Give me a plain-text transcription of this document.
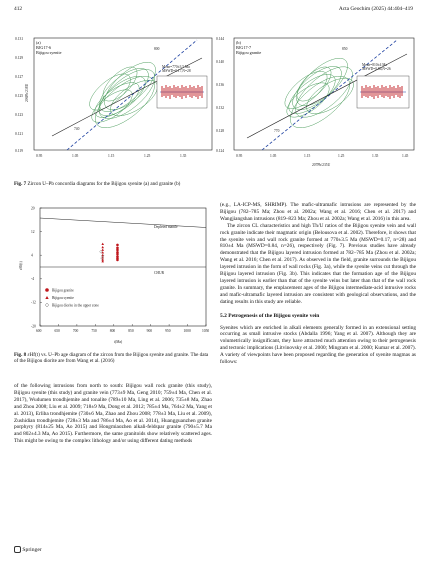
412	Acta Geochim (2025) 44:404–419
(a)
BJG17-6
Bijigou syenite
Mean=770±3.5 Ma
MSWD=0.17,N=28
800
740
0.131
0.129
0.127
0.125
0.123
0.121
0.119
0.95	1.05	1.15	1.25	1.35
206Pb/238U
(b)
BJG17-7
Bijigou granite
Mean=810±4 Ma
MSWD=0.84,N=26
850
770
0.144
0.140
0.136
0.132
0.128
0.124
0.95	1.05	1.15	1.25	1.35	1.45
207Pb/235U
Fig. 7 Zircon U–Pb concordia diagrams for the Bijigou syenite (a) and granite (b)
εHf(t)
t(Ma)
Depleted mantle
CHUR
Bijigou granite
Bijigou syenite
Bijigou diorite in the upper zone
600	650	700	750	800	850	900	950	1000	1050
20
12
4
-4
-12
-20
Fig. 8 εHf(t) vs. U–Pb age diagram of the zircon from the Bijigou syenite and granite. The data of the Bijigou diorite are from Wang et al. (2016)
of the following intrusions from north to south: Bijigou wall rock granite (this study), Bijigou syenite (this study) and granite vein (773±9 Ma, Geng 2010; 759±4 Ma, Chen et al. 2017), Wudumen trondhjemite and tonalite (789±10 Ma, Ling et al. 2006; 735±8 Ma, Zhao and Zhou 2008; Liu et al. 2009; 718±9 Ma, Dong et al. 2012; 785±4 Ma, 764±2 Ma, Yang et al. 2013), Erliba trondhjemite (730±6 Ma, Zhao and Zhou 2008; 778±3 Ma, Liu et al. 2009), Zushidian trondhjemite (728±3 Ma and 786±4 Ma, Ao et al. 2014), Huangguanzhen granite porphyry (814±25 Ma, Ao 2015) and Hongmiaozhen alkali-feldspar granite (790±5.7 Ma and 802±4.3 Ma, Ao 2015). Furthermore, the same granitoids show relatively scattered ages. This might be owing to the complex lithology and/or using different dating methods

(e.g., LA-ICP-MS, SHRIMP). The mafic-ultramafic intrusions are represented by the Bijigou (782–785 Ma; Zhou et al. 2002a; Wang et al. 2016; Chen et al. 2017) and Wangjiangshan intrusions (819–823 Ma; Zhou et al. 2002a; Wang et al. 2016) in this area.

The zircon CL characteristics and high Th/U ratios of the Bijigou syenite vein and wall rock granite indicate their magmatic origin (Belousova et al. 2002). Therefore, it shows that the syenite vein and wall rock granite formed at 770±3.5 Ma (MSWD=0.17, n=28) and 810±4 Ma (MSWD=0.84, n=26), respectively (Fig. 7). Previous studies have already demonstrated that the Bijigou layered intrusion formed at 782–785 Ma (Zhou et al. 2002a; Wang et al. 2016; Chen et al. 2017). As observed in the field, granite surrounds the Bijigou layered intrusion in the form of wall rocks (Fig. 3a), while the syenite veins cut through the Bijigou layered intrusion (Fig. 3b). This indicates that the formation age of the Bijigou layered intrusion is earlier than that of the syenite veins but later than that of the wall rock granite. In summary, the emplacement ages of the Bijigou intermediate-acid intrusive rocks and mafic-ultramafic layered intrusion are consistent with geological observations, and the dating results in this study are reliable.

5.2 Petrogenesis of the Bijigou syenite vein

Syenites which are enriched in alkali elements generally formed in an extensional setting occurring as small intrusive stocks (Abdalla 1996; Yang et al. 2007). Although they are volumetrically insignificant, they have attracted much attention owing to their petrogenesis and tectonic implications (Litvinovsky et al. 2000; Mingram et al. 2000; Kumar et al. 2007). A variety of viewpoints have been proposed regarding the generation of syenite magmas as follows:

Springer
